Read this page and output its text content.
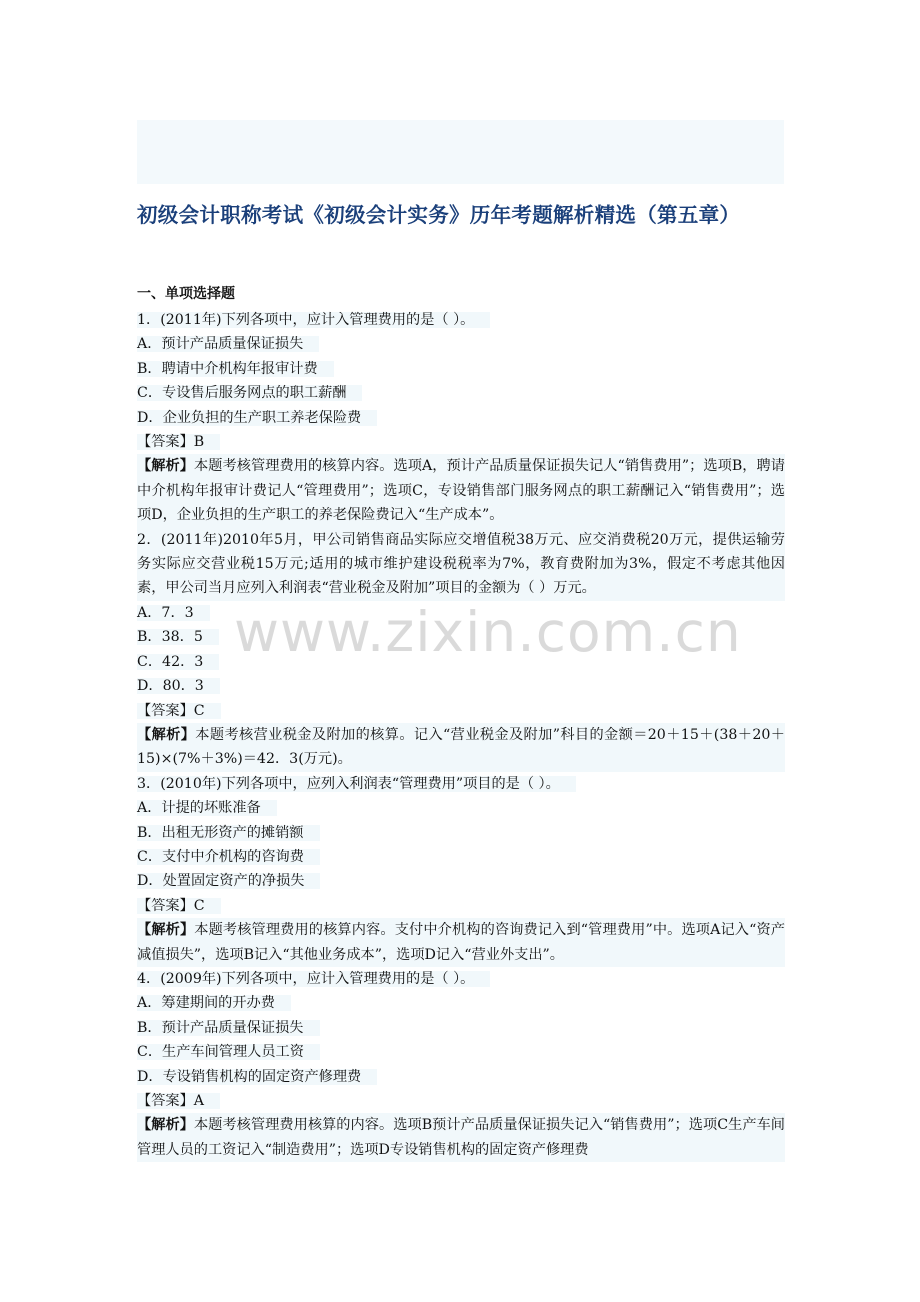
初级会计职称考试《初级会计实务》历年考题解析精选（第五章）
一、单项选择题
1．(2011年)下列各项中，应计入管理费用的是（ ）。
A．预计产品质量保证损失
B．聘请中介机构年报审计费
C．专设售后服务网点的职工薪酬
D．企业负担的生产职工养老保险费
【答案】B
【解析】本题考核管理费用的核算内容。选项A，预计产品质量保证损失记人“销售费用”；选项B，聘请中介机构年报审计费记人“管理费用”；选项C，专设销售部门服务网点的职工薪酬记入“销售费用”；选项D，企业负担的生产职工的养老保险费记入“生产成本”。
2．(2011年)2010年5月，甲公司销售商品实际应交增值税38万元、应交消费税20万元，提供运输劳务实际应交营业税15万元;适用的城市维护建设税税率为7%，教育费附加为3%，假定不考虑其他因素，甲公司当月应列入利润表“营业税金及附加”项目的金额为（ ）万元。
A．7．3
B．38．5
C．42．3
D．80．3
【答案】C
【解析】本题考核营业税金及附加的核算。记入“营业税金及附加”科目的金额＝20＋15＋(38＋20＋15)×(7%＋3%)＝42．3(万元)。
3．(2010年)下列各项中，应列入利润表“管理费用”项目的是（ ）。
A．计提的坏账准备
B．出租无形资产的摊销额
C．支付中介机构的咨询费
D．处置固定资产的净损失
【答案】C
【解析】本题考核管理费用的核算内容。支付中介机构的咨询费记入到“管理费用”中。选项A记入“资产减值损失”，选项B记入“其他业务成本”，选项D记入“营业外支出”。
4．(2009年)下列各项中，应计入管理费用的是（ ）。
A．筹建期间的开办费
B．预计产品质量保证损失
C．生产车间管理人员工资
D．专设销售机构的固定资产修理费
【答案】A
【解析】本题考核管理费用核算的内容。选项B预计产品质量保证损失记入“销售费用”；选项C生产车间管理人员的工资记入“制造费用”；选项D专设销售机构的固定资产修理费
www.zixin.com.cn
